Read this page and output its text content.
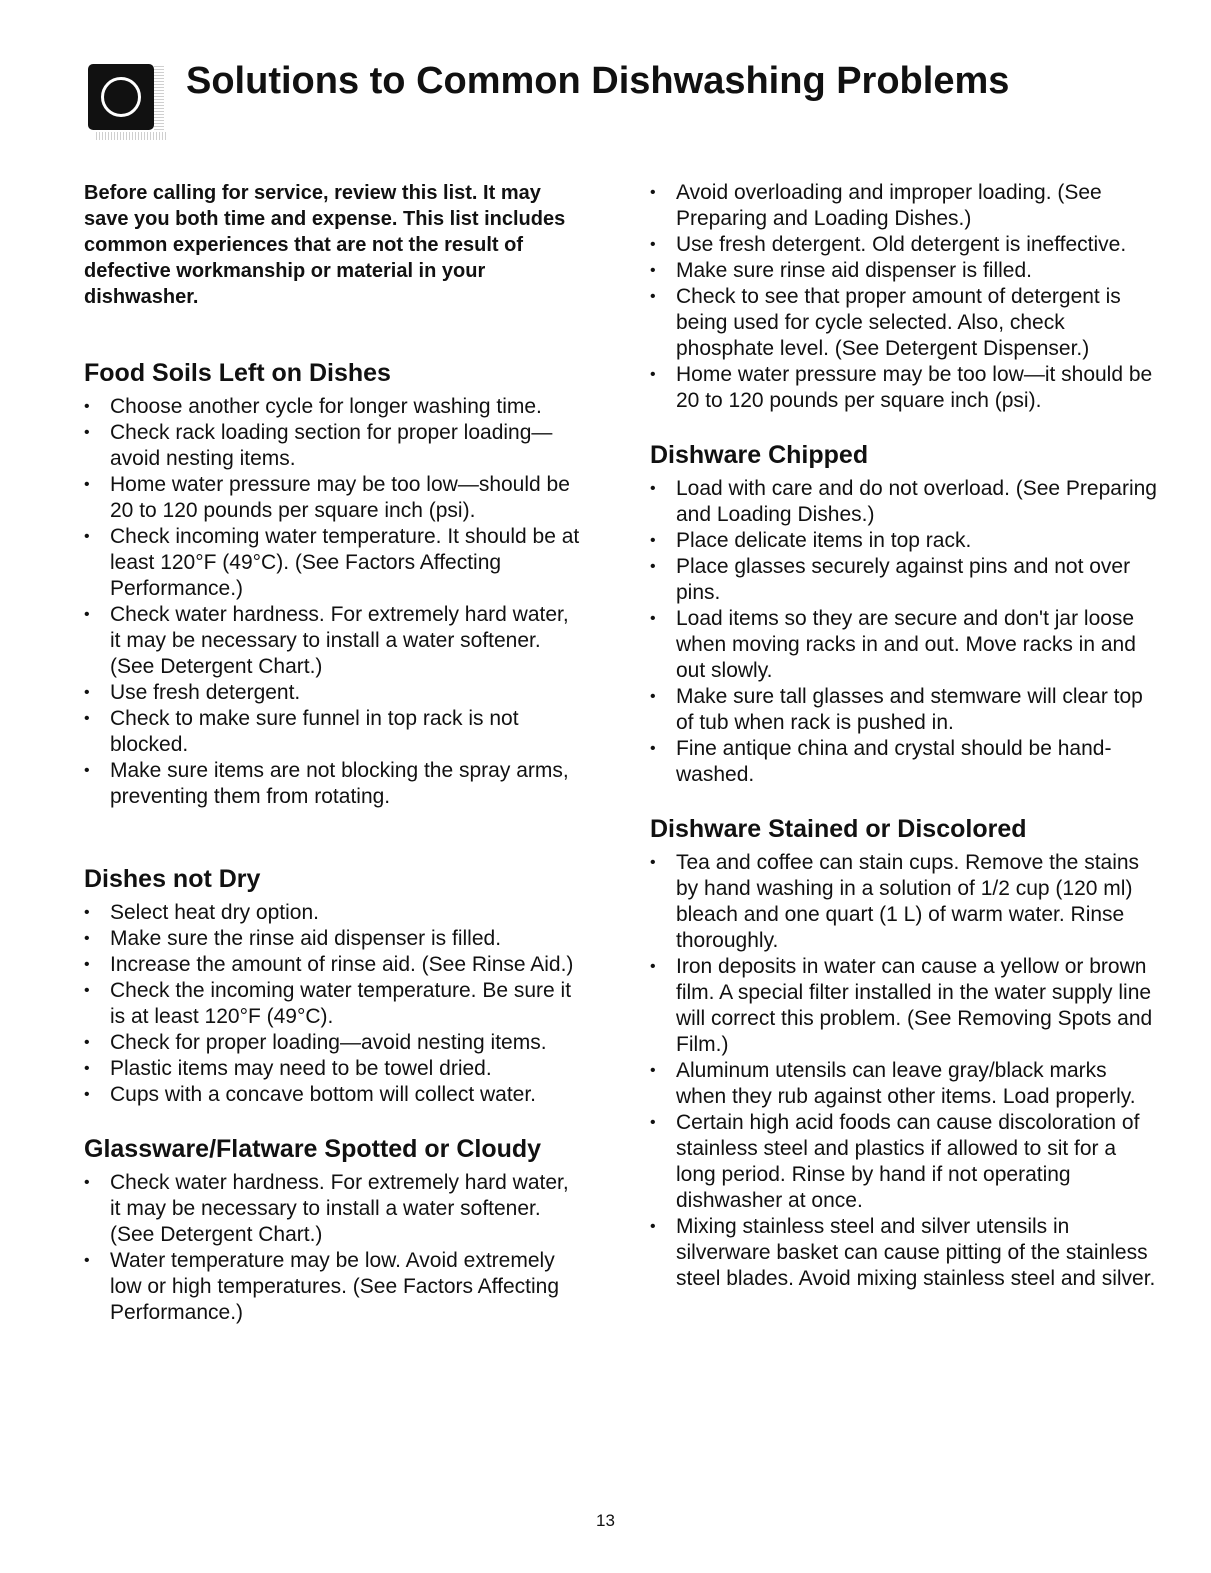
Solutions to Common Dishwashing Problems

Before calling for service, review this list. It may save you both time and expense. This list includes common experiences that are not the result of defective workmanship or material in your dishwasher.

Food Soils Left on Dishes
• Choose another cycle for longer washing time.
• Check rack loading section for proper loading—avoid nesting items.
• Home water pressure may be too low—should be 20 to 120 pounds per square inch (psi).
• Check incoming water temperature. It should be at least 120°F (49°C). (See Factors Affecting Performance.)
• Check water hardness. For extremely hard water, it may be necessary to install a water softener. (See Detergent Chart.)
• Use fresh detergent.
• Check to make sure funnel in top rack is not blocked.
• Make sure items are not blocking the spray arms, preventing them from rotating.
Dishes not Dry
• Select heat dry option.
• Make sure the rinse aid dispenser is filled.
• Increase the amount of rinse aid. (See Rinse Aid.)
• Check the incoming water temperature. Be sure it is at least 120°F (49°C).
• Check for proper loading—avoid nesting items.
• Plastic items may need to be towel dried.
• Cups with a concave bottom will collect water.
Glassware/Flatware Spotted or Cloudy
• Check water hardness. For extremely hard water, it may be necessary to install a water softener. (See Detergent Chart.)
• Water temperature may be low. Avoid extremely low or high temperatures. (See Factors Affecting Performance.)
• Avoid overloading and improper loading. (See Preparing and Loading Dishes.)
• Use fresh detergent. Old detergent is ineffective.
• Make sure rinse aid dispenser is filled.
• Check to see that proper amount of detergent is being used for cycle selected. Also, check phosphate level. (See Detergent Dispenser.)
• Home water pressure may be too low—it should be 20 to 120 pounds per square inch (psi).
Dishware Chipped
• Load with care and do not overload. (See Preparing and Loading Dishes.)
• Place delicate items in top rack.
• Place glasses securely against pins and not over pins.
• Load items so they are secure and don't jar loose when moving racks in and out. Move racks in and out slowly.
• Make sure tall glasses and stemware will clear top of tub when rack is pushed in.
• Fine antique china and crystal should be hand-washed.
Dishware Stained or Discolored
• Tea and coffee can stain cups. Remove the stains by hand washing in a solution of 1/2 cup (120 ml) bleach and one quart (1 L) of warm water. Rinse thoroughly.
• Iron deposits in water can cause a yellow or brown film. A special filter installed in the water supply line will correct this problem. (See Removing Spots and Film.)
• Aluminum utensils can leave gray/black marks when they rub against other items. Load properly.
• Certain high acid foods can cause discoloration of stainless steel and plastics if allowed to sit for a long period. Rinse by hand if not operating dishwasher at once.
• Mixing stainless steel and silver utensils in silverware basket can cause pitting of the stainless steel blades. Avoid mixing stainless steel and silver.
13
